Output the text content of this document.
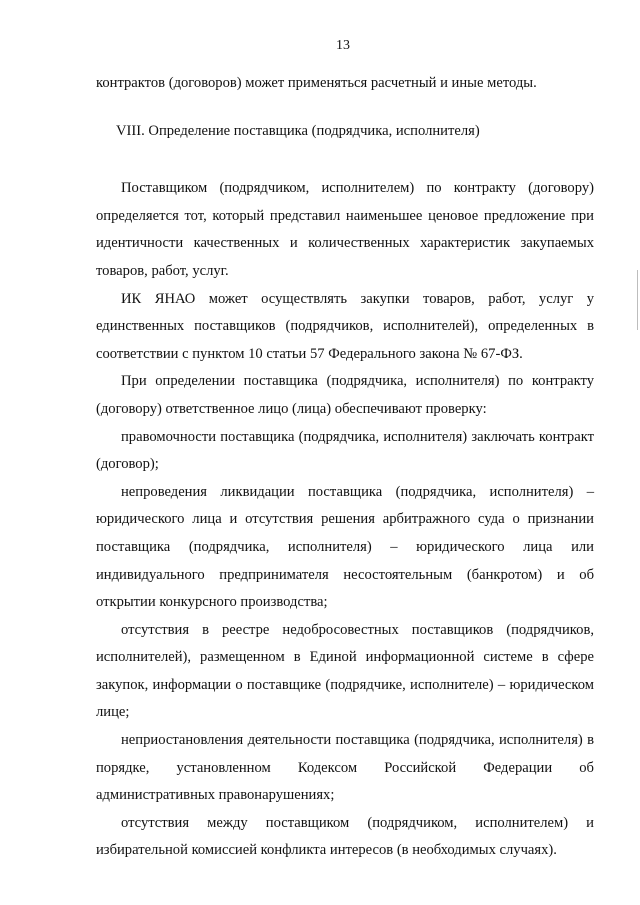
13

контрактов (договоров) может применяться расчетный и иные методы.

VIII. Определение поставщика (подрядчика, исполнителя)

Поставщиком (подрядчиком, исполнителем) по контракту (договору) определяется тот, который представил наименьшее ценовое предложение при идентичности качественных и количественных характеристик закупаемых товаров, работ, услуг.

ИК ЯНАО может осуществлять закупки товаров, работ, услуг у единственных поставщиков (подрядчиков, исполнителей), определенных в соответствии с пунктом 10 статьи 57 Федерального закона № 67-ФЗ.

При определении поставщика (подрядчика, исполнителя) по контракту (договору) ответственное лицо (лица) обеспечивают проверку:

правомочности поставщика (подрядчика, исполнителя) заключать контракт (договор);

непроведения ликвидации поставщика (подрядчика, исполнителя) – юридического лица и отсутствия решения арбитражного суда о признании поставщика (подрядчика, исполнителя) – юридического лица или индивидуального предпринимателя несостоятельным (банкротом) и об открытии конкурсного производства;

отсутствия в реестре недобросовестных поставщиков (подрядчиков, исполнителей), размещенном в Единой информационной системе в сфере закупок, информации о поставщике (подрядчике, исполнителе) – юридическом лице;

неприостановления деятельности поставщика (подрядчика, исполнителя) в порядке, установленном Кодексом Российской Федерации об административных правонарушениях;

отсутствия между поставщиком (подрядчиком, исполнителем) и избирательной комиссией конфликта интересов (в необходимых случаях).
